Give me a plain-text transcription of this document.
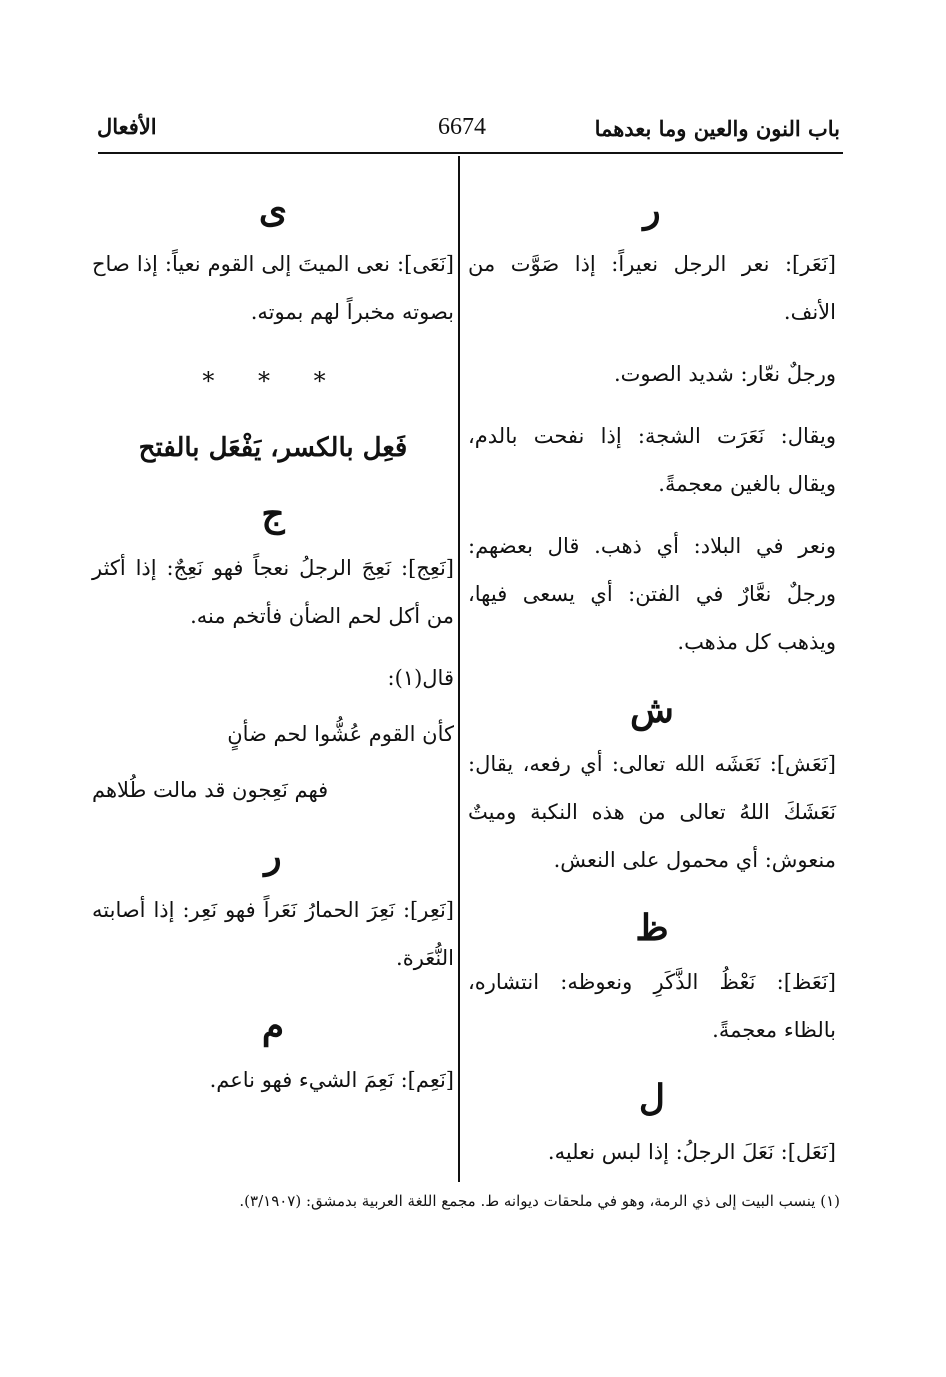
باب النون والعين وما بعدهما
6674
الأفعال
ر

[نَعَر]: نعر الرجل نعيراً: إذا صَوَّت من الأنف.

ورجلٌ نعّار: شديد الصوت.

ويقال: نَعَرَت الشجة: إذا نفحت بالدم، ويقال بالغين معجمةً.

ونعر في البلاد: أي ذهب. قال بعضهم: ورجلٌ نعَّارٌ في الفتن: أي يسعى فيها، ويذهب كل مذهب.

ش

[نَعَش]: نَعَشَه الله تعالى: أي رفعه، يقال: نَعَشَكَ اللهُ تعالى من هذه النكبة وميتٌ منعوش: أي محمول على النعش.

ظ

[نَعَظ]: نَعْظُ الذَّكَرِ ونعوظه: انتشاره، بالظاء معجمةً.

ل

[نَعَل]: نَعَلَ الرجلُ: إذا لبس نعليه.

ى

[نَعَى]: نعى الميتَ إلى القوم نعياً: إذا صاح بصوته مخبراً لهم بموته.

* * *
فَعِل بالكسر، يَفْعَل بالفتح
ج

[نَعِج]: نَعِجَ الرجلُ نعجاً فهو نَعِجٌ: إذا أكثر من أكل لحم الضأن فأتخم منه.

قال(١):

كأن القوم عُشُّوا لحم ضأنٍ

فهم نَعِجون قد مالت طُلاهم

ر

[نَعِر]: نَعِرَ الحمارُ نَعَراً فهو نَعِر: إذا أصابته النُّعَرة.

م

[نَعِم]: نَعِمَ الشيء فهو ناعم.

(١) ينسب البيت إلى ذي الرمة، وهو في ملحقات ديوانه ط. مجمع اللغة العربية بدمشق: (٣/١٩٠٧).
